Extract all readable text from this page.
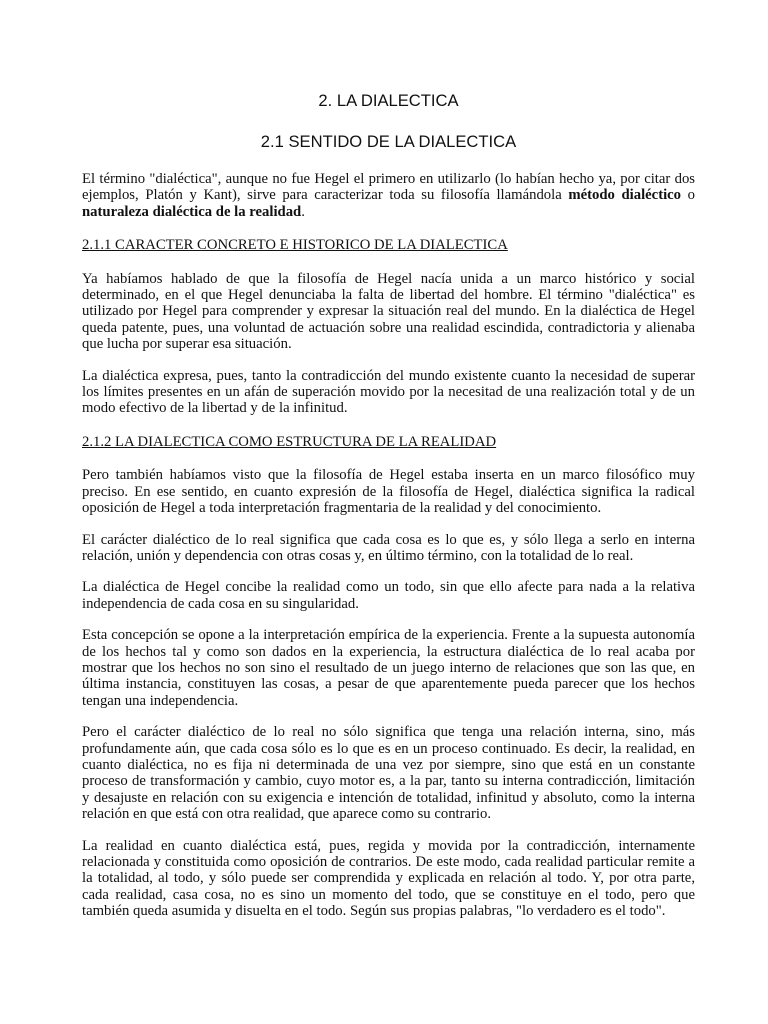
2. LA DIALECTICA
2.1 SENTIDO DE LA DIALECTICA

El término "dialéctica", aunque no fue Hegel el primero en utilizarlo (lo habían hecho ya, por citar dos ejemplos, Platón y Kant), sirve para caracterizar toda su filosofía llamándola método dialéctico o naturaleza dialéctica de la realidad.

2.1.1 CARACTER CONCRETO E HISTORICO DE LA DIALECTICA

Ya habíamos hablado de que la filosofía de Hegel nacía unida a un marco histórico y social determinado, en el que Hegel denunciaba la falta de libertad del hombre. El término "dialéctica" es utilizado por Hegel para comprender y expresar la situación real del mundo. En la dialéctica de Hegel queda patente, pues, una voluntad de actuación sobre una realidad escindida, contradictoria y alienaba que lucha por superar esa situación.

La dialéctica expresa, pues, tanto la contradicción del mundo existente cuanto la necesidad de superar los límites presentes en un afán de superación movido por la necesitad de una realización total y de un modo efectivo de la libertad y de la infinitud.

2.1.2 LA DIALECTICA COMO ESTRUCTURA DE LA REALIDAD

Pero también habíamos visto que la filosofía de Hegel estaba inserta en un marco filosófico muy preciso. En ese sentido, en cuanto expresión de la filosofía de Hegel, dialéctica significa la radical oposición de Hegel a toda interpretación fragmentaria de la realidad y del conocimiento.

El carácter dialéctico de lo real significa que cada cosa es lo que es, y sólo llega a serlo en interna relación, unión y dependencia con otras cosas y, en último término, con la totalidad de lo real.

La dialéctica de Hegel concibe la realidad como un todo, sin que ello afecte para nada a la relativa independencia de cada cosa en su singularidad.

Esta concepción se opone a la interpretación empírica de la experiencia. Frente a la supuesta autonomía de los hechos tal y como son dados en la experiencia, la estructura dialéctica de lo real acaba por mostrar que los hechos no son sino el resultado de un juego interno de relaciones que son las que, en última instancia, constituyen las cosas, a pesar de que aparentemente pueda parecer que los hechos tengan una independencia.

Pero el carácter dialéctico de lo real no sólo significa que tenga una relación interna, sino, más profundamente aún, que cada cosa sólo es lo que es en un proceso continuado. Es decir, la realidad, en cuanto dialéctica, no es fija ni determinada de una vez por siempre, sino que está en un constante proceso de transformación y cambio, cuyo motor es, a la par, tanto su interna contradicción, limitación y desajuste en relación con su exigencia e intención de totalidad, infinitud y absoluto, como la interna relación en que está con otra realidad, que aparece como su contrario.

La realidad en cuanto dialéctica está, pues, regida y movida por la contradicción, internamente relacionada y constituida como oposición de contrarios. De este modo, cada realidad particular remite a la totalidad, al todo, y sólo puede ser comprendida y explicada en relación al todo. Y, por otra parte, cada realidad, casa cosa, no es sino un momento del todo, que se constituye en el todo, pero que también queda asumida y disuelta en el todo. Según sus propias palabras, "lo verdadero es el todo".
